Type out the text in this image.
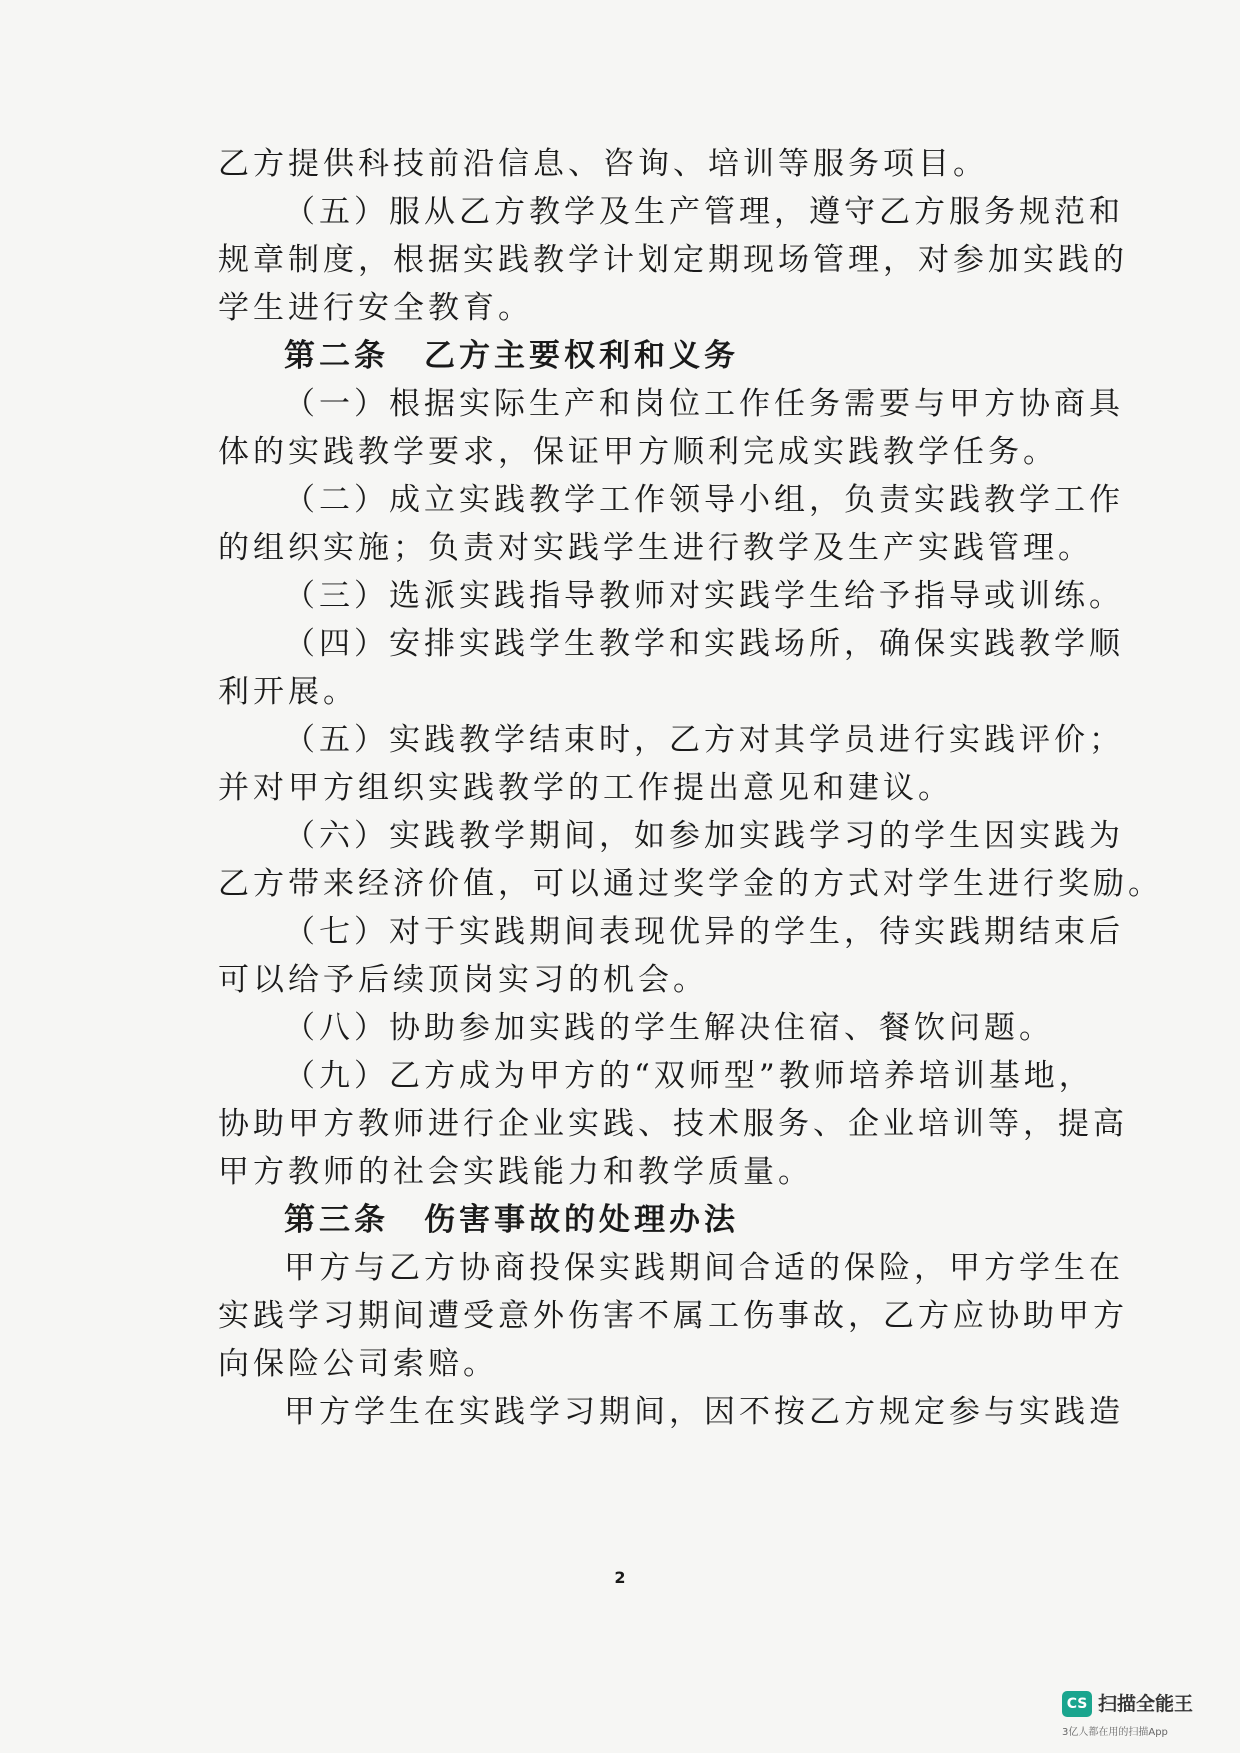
乙方提供科技前沿信息、咨询、培训等服务项目。
（五）服从乙方教学及生产管理，遵守乙方服务规范和
规章制度，根据实践教学计划定期现场管理，对参加实践的
学生进行安全教育。
第二条　乙方主要权利和义务
（一）根据实际生产和岗位工作任务需要与甲方协商具
体的实践教学要求，保证甲方顺利完成实践教学任务。
（二）成立实践教学工作领导小组，负责实践教学工作
的组织实施；负责对实践学生进行教学及生产实践管理。
（三）选派实践指导教师对实践学生给予指导或训练。
（四）安排实践学生教学和实践场所，确保实践教学顺
利开展。
（五）实践教学结束时，乙方对其学员进行实践评价；
并对甲方组织实践教学的工作提出意见和建议。
（六）实践教学期间，如参加实践学习的学生因实践为
乙方带来经济价值，可以通过奖学金的方式对学生进行奖励。
（七）对于实践期间表现优异的学生，待实践期结束后
可以给予后续顶岗实习的机会。
（八）协助参加实践的学生解决住宿、餐饮问题。
（九）乙方成为甲方的“双师型”教师培养培训基地，
协助甲方教师进行企业实践、技术服务、企业培训等，提高
甲方教师的社会实践能力和教学质量。
第三条　伤害事故的处理办法
甲方与乙方协商投保实践期间合适的保险，甲方学生在
实践学习期间遭受意外伤害不属工伤事故，乙方应协助甲方
向保险公司索赔。
甲方学生在实践学习期间，因不按乙方规定参与实践造
2
CS 扫描全能王
3亿人都在用的扫描App
